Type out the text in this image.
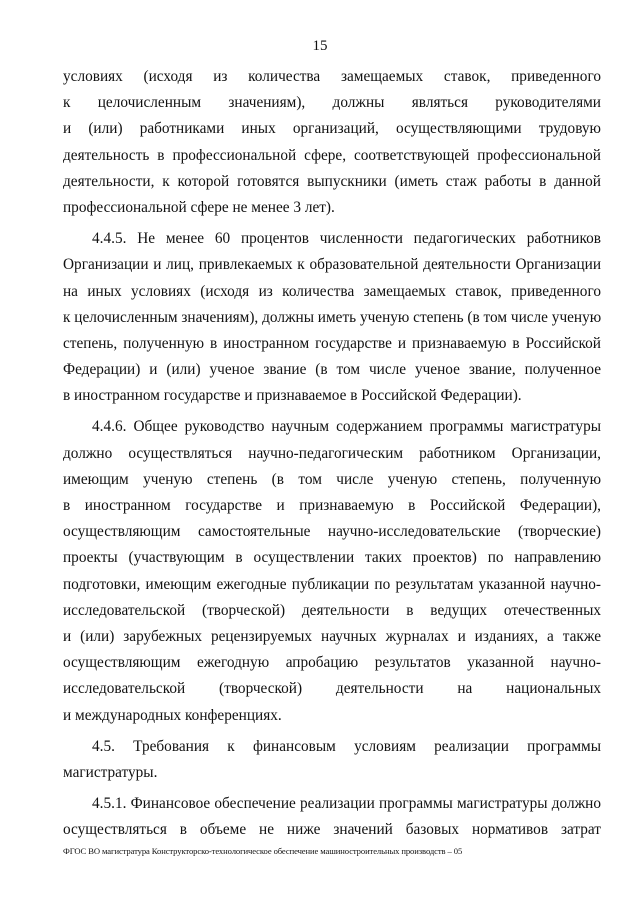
15
условиях (исходя из количества замещаемых ставок, приведенного
к целочисленным значениям), должны являться руководителями
и (или) работниками иных организаций, осуществляющими трудовую
деятельность в профессиональной сфере, соответствующей профессиональной
деятельности, к которой готовятся выпускники (иметь стаж работы в данной
профессиональной сфере не менее 3 лет).
4.4.5. Не менее 60 процентов численности педагогических работников
Организации и лиц, привлекаемых к образовательной деятельности Организации
на иных условиях (исходя из количества замещаемых ставок, приведенного
к целочисленным значениям), должны иметь ученую степень (в том числе ученую
степень, полученную в иностранном государстве и признаваемую в Российской
Федерации) и (или) ученое звание (в том числе ученое звание, полученное
в иностранном государстве и признаваемое в Российской Федерации).
4.4.6. Общее руководство научным содержанием программы магистратуры
должно осуществляться научно-педагогическим работником Организации,
имеющим ученую степень (в том числе ученую степень, полученную
в иностранном государстве и признаваемую в Российской Федерации),
осуществляющим самостоятельные научно-исследовательские (творческие)
проекты (участвующим в осуществлении таких проектов) по направлению
подготовки, имеющим ежегодные публикации по результатам указанной научно-
исследовательской (творческой) деятельности в ведущих отечественных
и (или) зарубежных рецензируемых научных журналах и изданиях, а также
осуществляющим ежегодную апробацию результатов указанной научно-
исследовательской (творческой) деятельности на национальных
и международных конференциях.
4.5. Требования к финансовым условиям реализации программы
магистратуры.
4.5.1. Финансовое обеспечение реализации программы магистратуры должно
осуществляться в объеме не ниже значений базовых нормативов затрат
ФГОС ВО магистратура Конструкторско-технологическое обеспечение машиностроительных производств – 05
